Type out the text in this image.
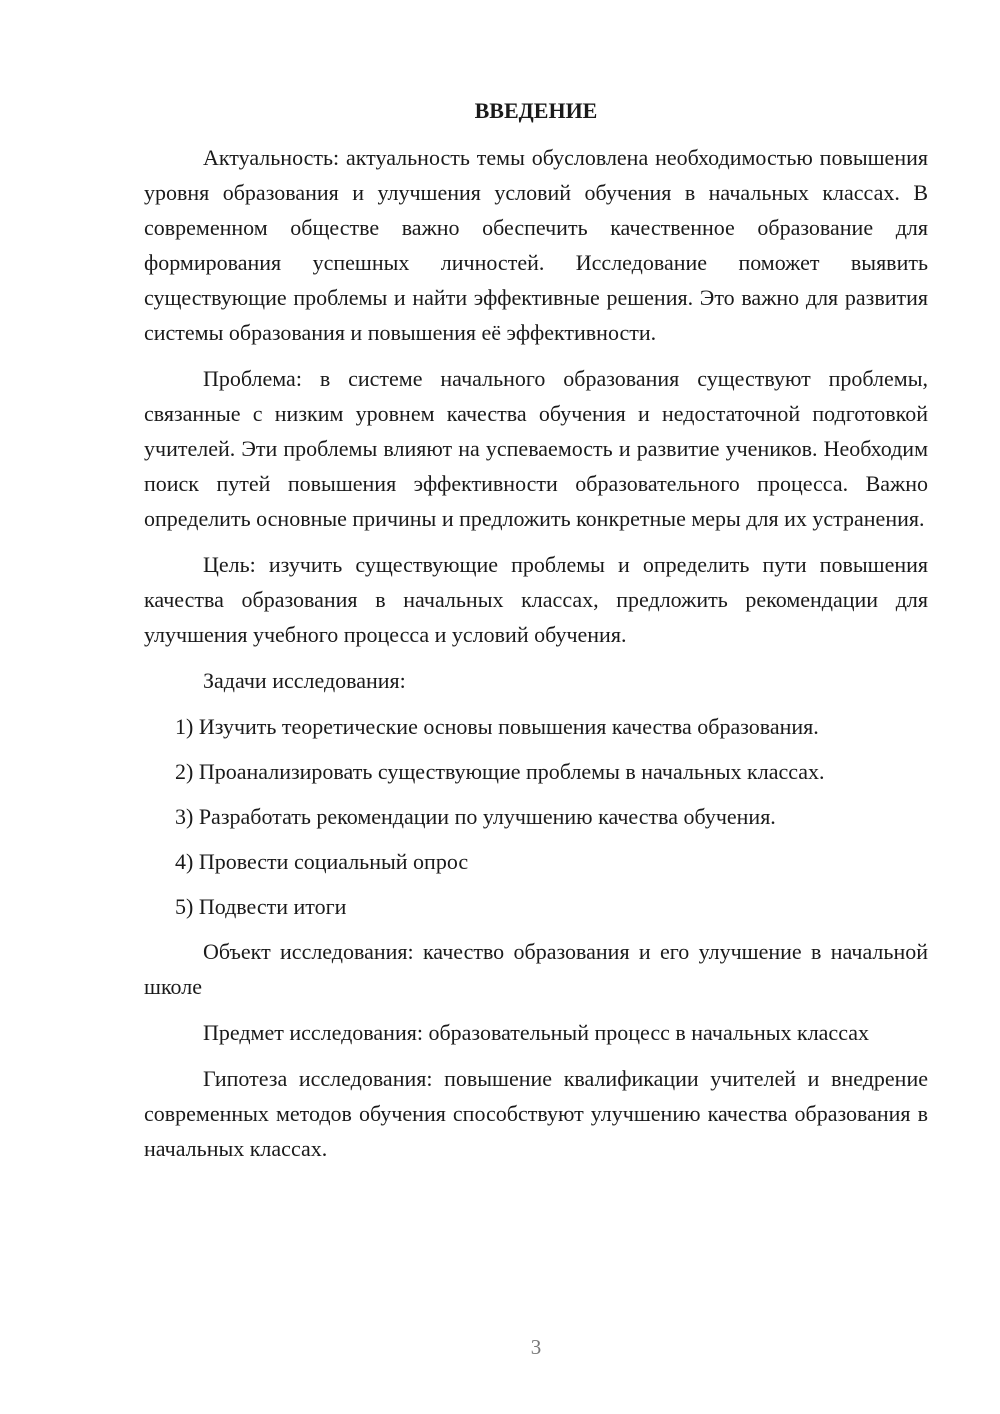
ВВЕДЕНИЕ

Актуальность: актуальность темы обусловлена необходимостью повышения уровня образования и улучшения условий обучения в начальных классах. В современном обществе важно обеспечить качественное образование для формирования успешных личностей. Исследование поможет выявить существующие проблемы и найти эффективные решения. Это важно для развития системы образования и повышения её эффективности.

Проблема: в системе начального образования существуют проблемы, связанные с низким уровнем качества обучения и недостаточной подготовкой учителей. Эти проблемы влияют на успеваемость и развитие учеников. Необходим поиск путей повышения эффективности образовательного процесса. Важно определить основные причины и предложить конкретные меры для их устранения.

Цель: изучить существующие проблемы и определить пути повышения качества образования в начальных классах, предложить рекомендации для улучшения учебного процесса и условий обучения.

Задачи исследования:

1) Изучить теоретические основы повышения качества образования.
2) Проанализировать существующие проблемы в начальных классах.
3) Разработать рекомендации по улучшению качества обучения.
4) Провести социальный опрос
5) Подвести итоги

Объект исследования: качество образования и его улучшение в начальной школе

Предмет исследования: образовательный процесс в начальных классах

Гипотеза исследования: повышение квалификации учителей и внедрение современных методов обучения способствуют улучшению качества образования в начальных классах.

3
